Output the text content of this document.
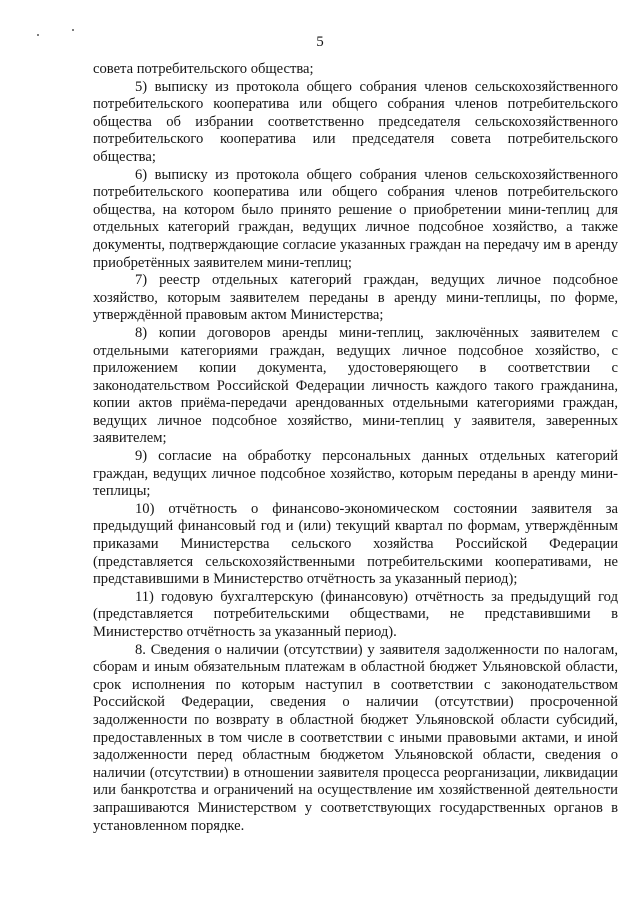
5

совета потребительского общества;

5) выписку из протокола общего собрания членов сельскохозяйственного потребительского кооператива или общего собрания членов потребительского общества об избрании соответственно председателя сельскохозяйственного потребительского кооператива или председателя совета потребительского общества;

6) выписку из протокола общего собрания членов сельскохозяйственного потребительского кооператива или общего собрания членов потребительского общества, на котором было принято решение о приобретении мини-теплиц для отдельных категорий граждан, ведущих личное подсобное хозяйство, а также документы, подтверждающие согласие указанных граждан на передачу им в аренду приобретённых заявителем мини-теплиц;

7) реестр отдельных категорий граждан, ведущих личное подсобное хозяйство, которым заявителем переданы в аренду мини-теплицы, по форме, утверждённой правовым актом Министерства;

8) копии договоров аренды мини-теплиц, заключённых заявителем с отдельными категориями граждан, ведущих личное подсобное хозяйство, с приложением копии документа, удостоверяющего в соответствии с законодательством Российской Федерации личность каждого такого гражданина, копии актов приёма-передачи арендованных отдельными категориями граждан, ведущих личное подсобное хозяйство, мини-теплиц у заявителя, заверенных заявителем;

9) согласие на обработку персональных данных отдельных категорий граждан, ведущих личное подсобное хозяйство, которым переданы в аренду мини-теплицы;

10) отчётность о финансово-экономическом состоянии заявителя за предыдущий финансовый год и (или) текущий квартал по формам, утверждённым приказами Министерства сельского хозяйства Российской Федерации (представляется сельскохозяйственными потребительскими кооперативами, не представившими в Министерство отчётность за указанный период);

11) годовую бухгалтерскую (финансовую) отчётность за предыдущий год (представляется потребительскими обществами, не представившими в Министерство отчётность за указанный период).

8. Сведения о наличии (отсутствии) у заявителя задолженности по налогам, сборам и иным обязательным платежам в областной бюджет Ульяновской области, срок исполнения по которым наступил в соответствии с законодательством Российской Федерации, сведения о наличии (отсутствии) просроченной задолженности по возврату в областной бюджет Ульяновской области субсидий, предоставленных в том числе в соответствии с иными правовыми актами, и иной задолженности перед областным бюджетом Ульяновской области, сведения о наличии (отсутствии) в отношении заявителя процесса реорганизации, ликвидации или банкротства и ограничений на осуществление им хозяйственной деятельности запрашиваются Министерством у соответствующих государственных органов в установленном порядке.
